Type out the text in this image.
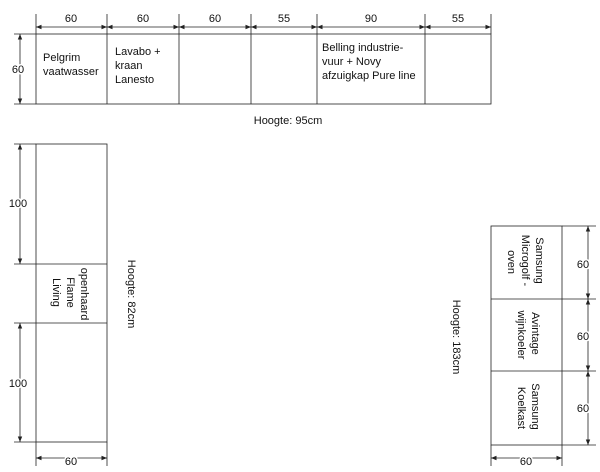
60	60	60	55	90	55
60
Pelgrim vaatwasser
Lavabo + kraan Lanesto
Belling industrie- vuur + Novy afzuigkap Pure line
Hoogte: 95cm
100
100
Living Flame openhaard
60
Hoogte: 82cm	60
60
60
Samsung Microgolf - oven
Avintage wijnkoeler
Samsung Koelkast
60
Hoogte: 183cm
